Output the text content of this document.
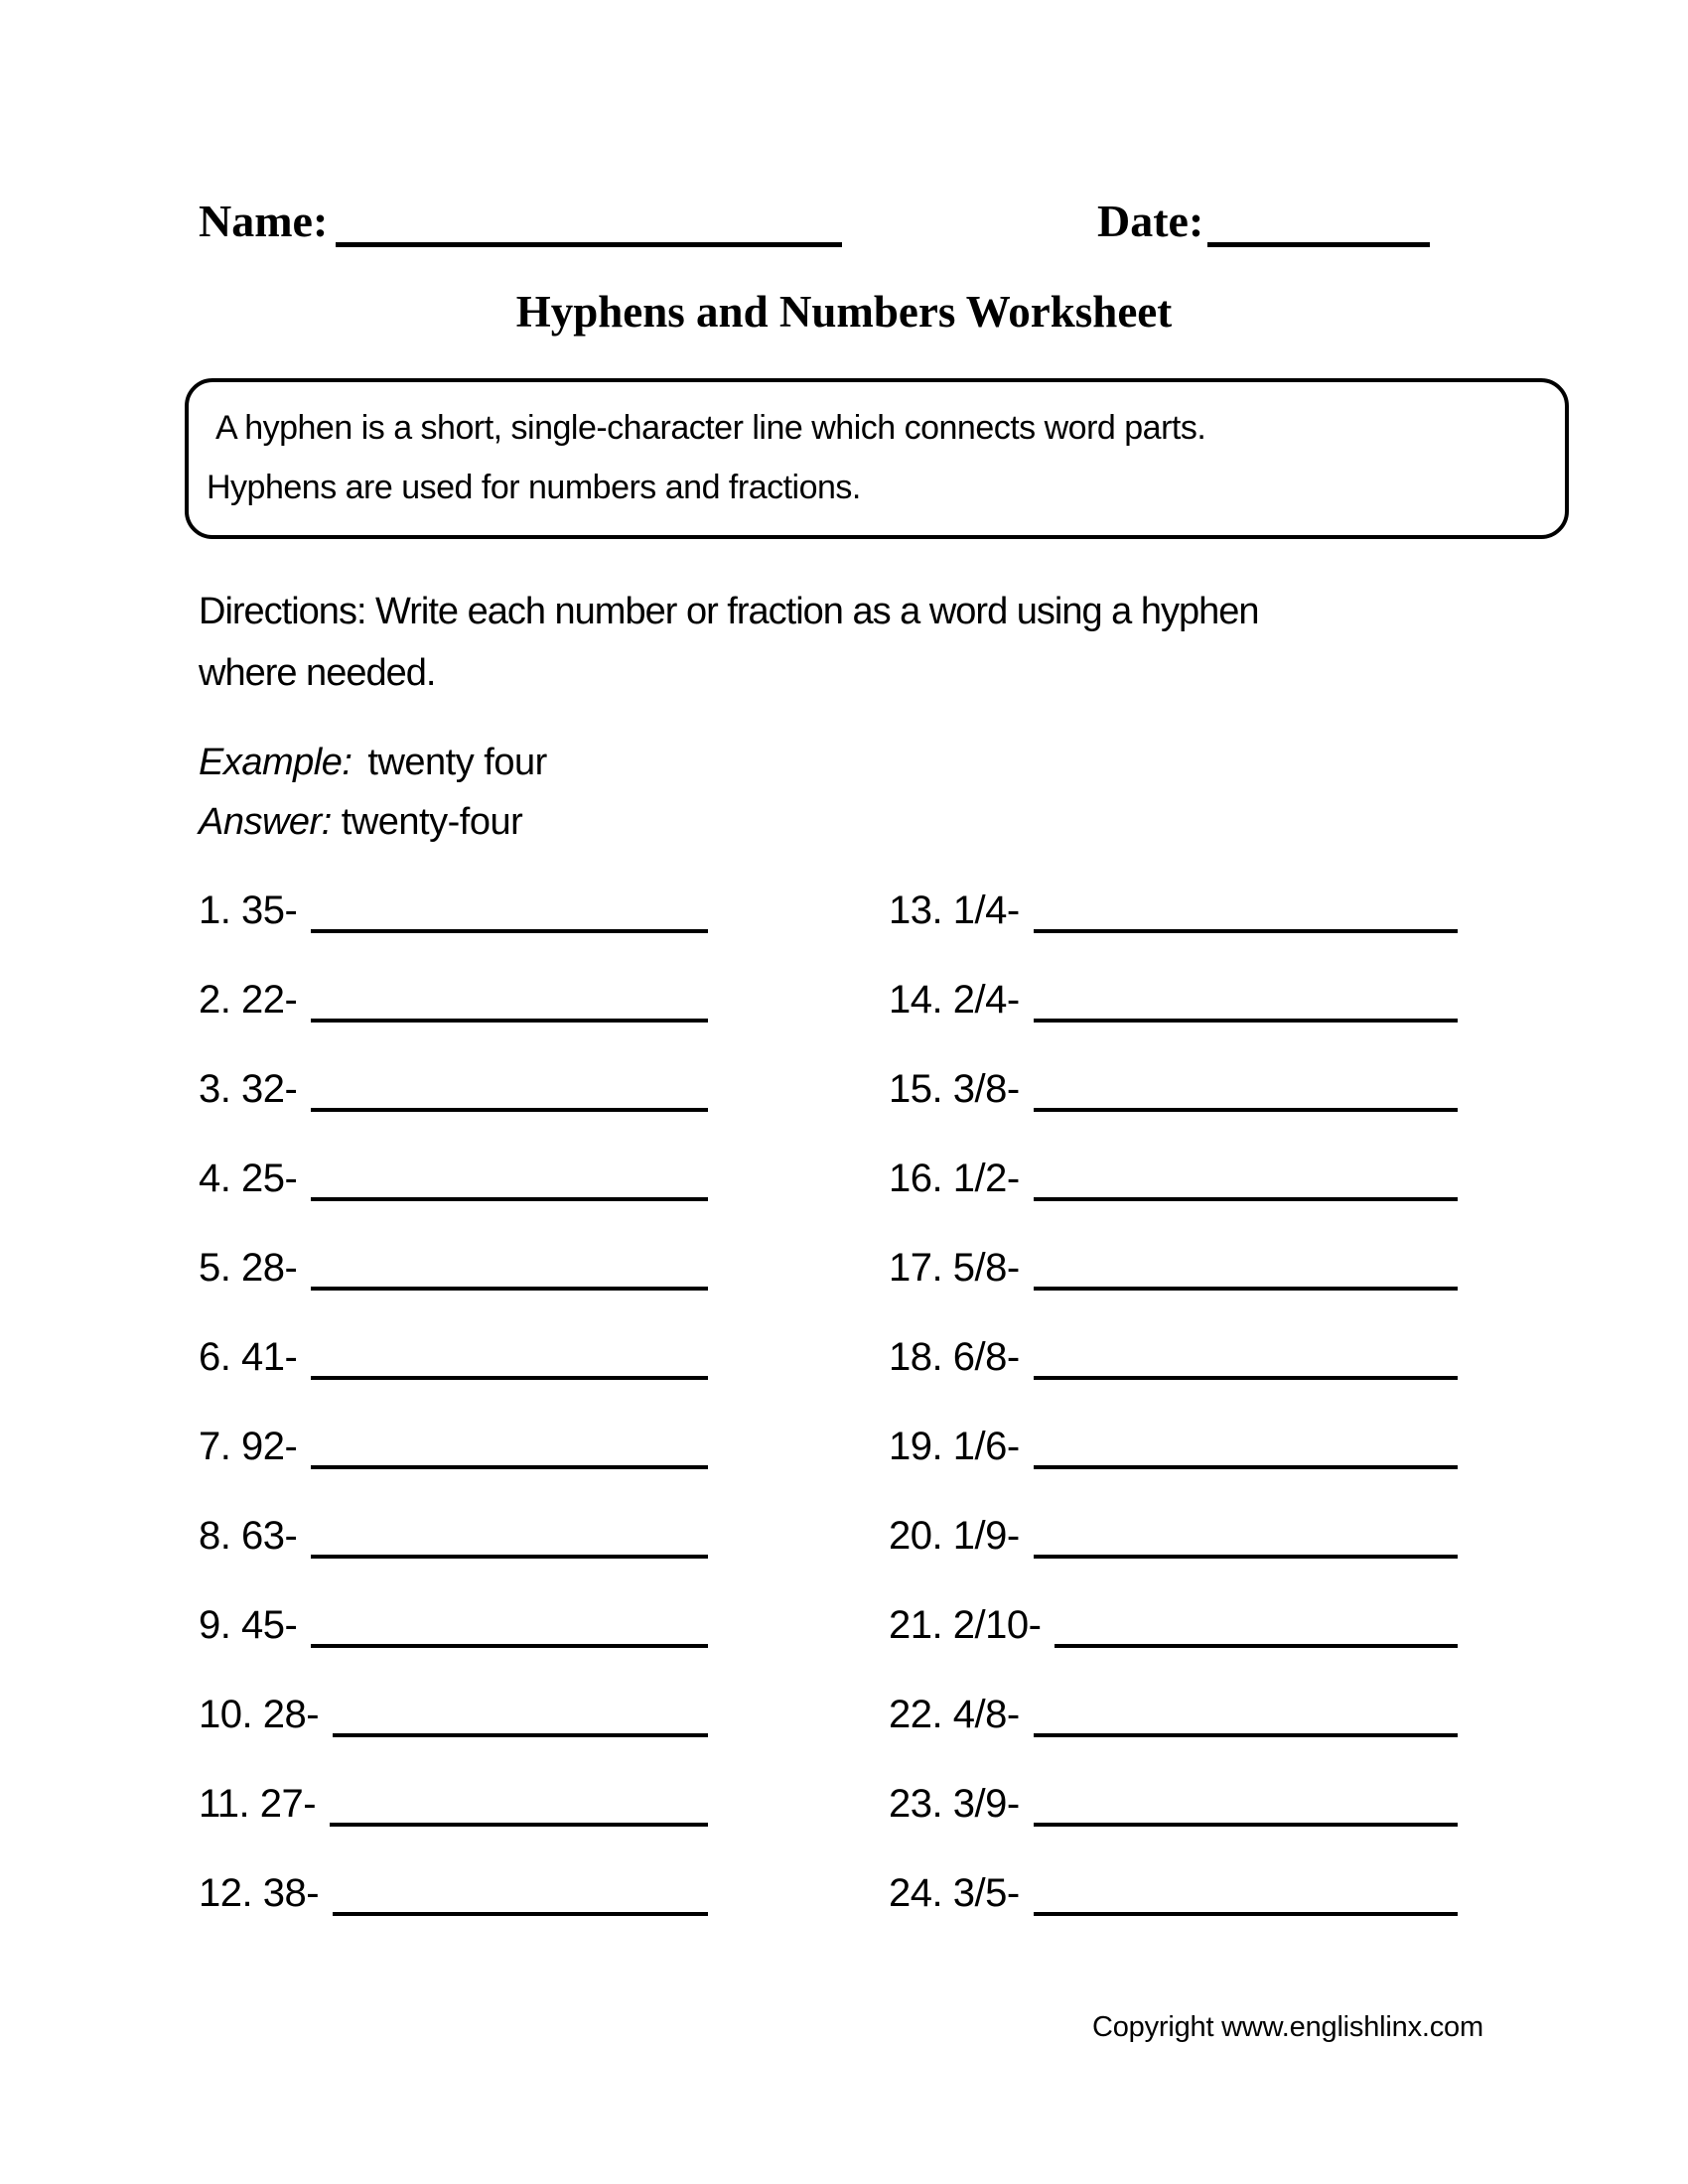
Name:	Date:
Hyphens and Numbers Worksheet
A hyphen is a short, single-character line which connects word parts.
Hyphens are used for numbers and fractions.
Directions: Write each number or fraction as a word using a hyphen
where needed.
Example: twenty four
Answer: twenty-four
1. 35-
2. 22-
3. 32-
4. 25-
5. 28-
6. 41-
7. 92-
8. 63-
9. 45-
10. 28-
11. 27-
12. 38-
13. 1/4-
14. 2/4-
15. 3/8-
16. 1/2-
17. 5/8-
18. 6/8-
19. 1/6-
20. 1/9-
21. 2/10-
22. 4/8-
23. 3/9-
24. 3/5-
Copyright www.englishlinx.com
